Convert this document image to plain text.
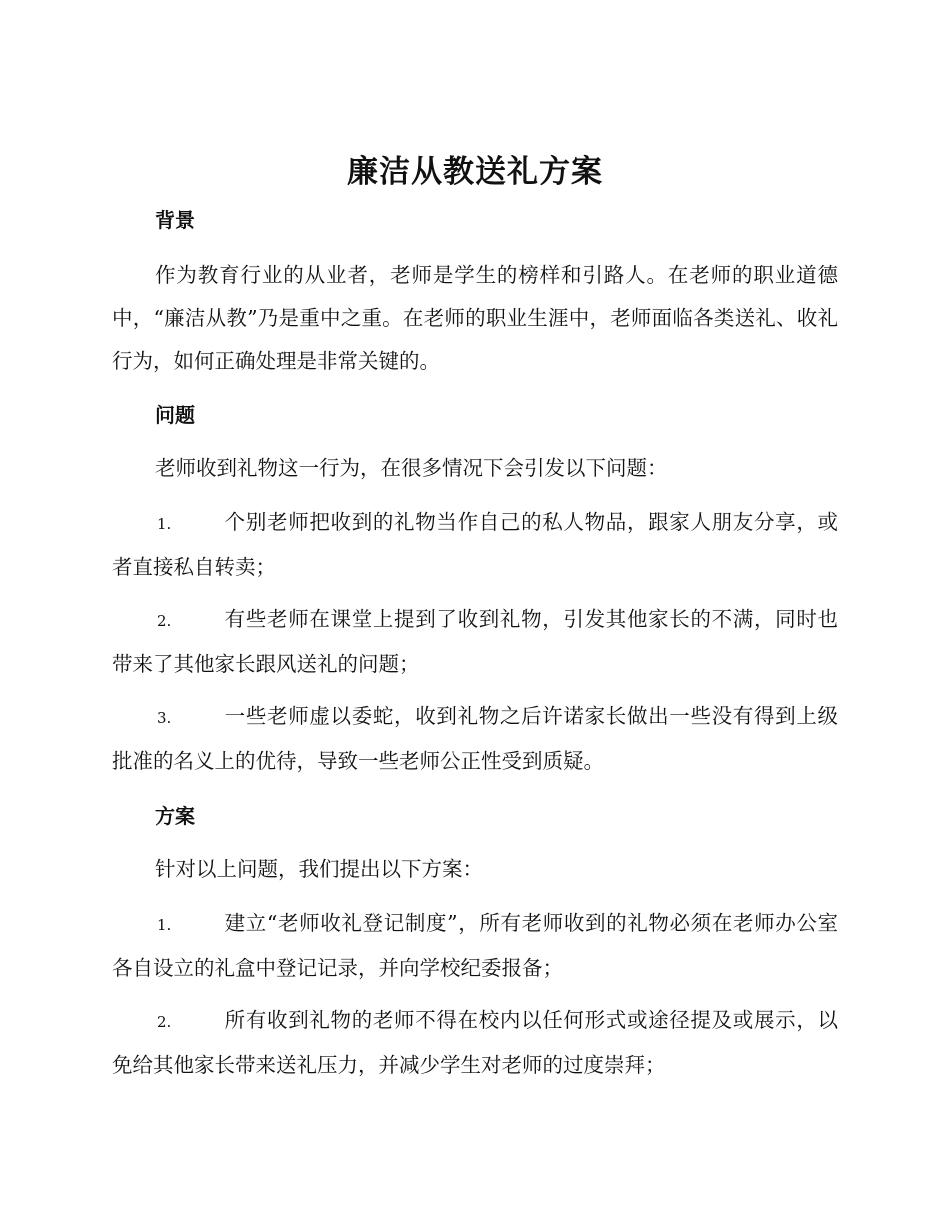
廉洁从教送礼方案
背景

作为教育行业的从业者，老师是学生的榜样和引路人。在老师的职业道德中，“廉洁从教”乃是重中之重。在老师的职业生涯中，老师面临各类送礼、收礼行为，如何正确处理是非常关键的。

问题

老师收到礼物这一行为，在很多情况下会引发以下问题：

1.	个别老师把收到的礼物当作自己的私人物品，跟家人朋友分享，或者直接私自转卖；

2.	有些老师在课堂上提到了收到礼物，引发其他家长的不满，同时也带来了其他家长跟风送礼的问题；

3.	一些老师虚以委蛇，收到礼物之后许诺家长做出一些没有得到上级批准的名义上的优待，导致一些老师公正性受到质疑。

方案

针对以上问题，我们提出以下方案：

1.	建立“老师收礼登记制度”，所有老师收到的礼物必须在老师办公室各自设立的礼盒中登记记录，并向学校纪委报备；

2.	所有收到礼物的老师不得在校内以任何形式或途径提及或展示，以免给其他家长带来送礼压力，并减少学生对老师的过度崇拜；
